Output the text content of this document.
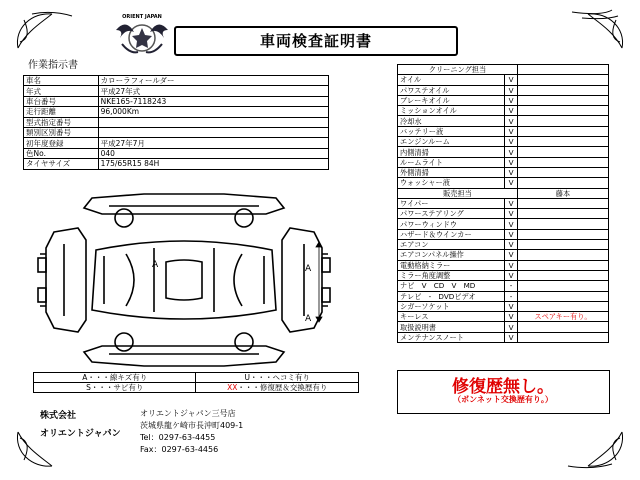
ORIENT JAPAN
車両検査証明書
作業指示書
車名	カローラフィールダー
年式	平成27年式
車台番号	NKE165-7118243
走行距離	96,000Km
型式指定番号	
類別区別番号	
初年度登録	平成27年7月
色No.	040
タイヤサイズ	175/65R15 84H
A	A
A
A・・・線キズ有り	U・・・ヘコミ有り
S・・・サビ有り	XX・・・修復歴＆交換歴有り
クリーニング担当		
オイル	V	
パワステオイル	V	
ブレーキオイル	V	
ミッションオイル	V	
冷却水	V	
バッテリー液	V	
エンジンルーム	V	
内側清掃	V	
ルームライト	V	
外側清掃	V	
ウォッシャー液	V	
販売担当		藤本
ワイパー	V	
パワーステアリング	V	
パワーウィンドウ	V	
ハザード＆ウインカー	V	
エアコン	V	
エアコンパネル操作	V	
電動格納ミラー	V	
ミラー角度調整	V	
ナビ　 V　 CD　 V　 MD	-	
テレビ　 -　 DVDビデオ	-	
シガーソケット	V	
キーレス	V	スペアキー有り。
取扱説明書	V	
メンテナンスノート	V	
修復歴無し。
（ボンネット交換歴有り。）
株式会社
オリエントジャパン
オリエントジャパン三号店
茨城県龍ケ崎市長沖町409-1
Tel：0297-63-4455
Fax：0297-63-4456
